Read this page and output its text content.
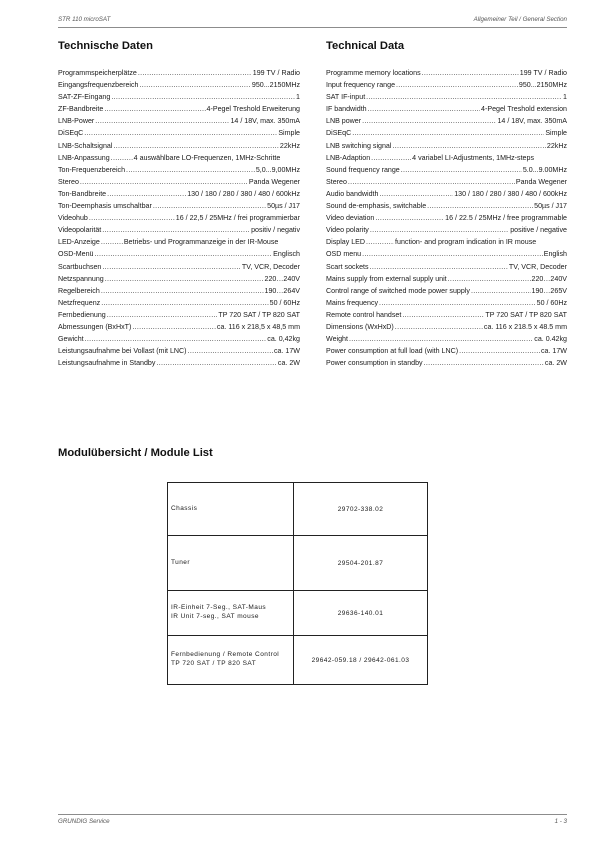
STR 110 microSAT	Allgemeiner Teil / General Section
Technische Daten	Technical Data
Programmspeicherplätze .....	199 TV / Radio
Eingangsfrequenzbereich .....	950...2150MHz
SAT-ZF-Eingang .....	1
ZF-Bandbreite .....	4-Pegel Treshold Erweiterung
LNB-Power .....	14 / 18V, max. 350mA
DiSEqC .....	Simple
LNB-Schaltsignal .....	22kHz
LNB-Anpassung .....	4 auswählbare LO-Frequenzen, 1MHz-Schritte
Ton-Frequenzbereich .....	5,0...9,00MHz
Stereo .....	Panda Wegener
Ton-Bandbreite .....	130 / 180 / 280 / 380 / 480 / 600kHz
Ton-Deemphasis umschaltbar .....	50µs / J17
Videohub .....	16 / 22,5 / 25MHz / frei programmierbar
Videopolarität .....	positiv / negativ
LED-Anzeige .....	Betriebs- und Programmanzeige in der IR-Mouse
OSD-Menü .....	Englisch
Scartbuchsen .....	TV, VCR, Decoder
Netzspannung .....	220…240V
Regelbereich .....	190…264V
Netzfrequenz .....	50 / 60Hz
Fernbedienung .....	TP 720 SAT / TP 820 SAT
Abmessungen (BxHxT) .....	ca. 116 x 218,5 x 48,5 mm
Gewicht .....	ca. 0,42kg
Leistungsaufnahme bei Vollast (mit LNC) .....	ca. 17W
Leistungsaufnahme in Standby .....	ca. 2W
Programme memory locations .....	199 TV / Radio
Input frequency range .....	950...2150MHz
SAT IF-input .....	1
IF bandwidth .....	4-Pegel Treshold extension
LNB power .....	14 / 18V, max. 350mA
DiSEqC .....	Simple
LNB switching signal .....	22kHz
LNB-Adaption .....	4 variabel LI-Adjustments, 1MHz-steps
Sound frequency range .....	5.0...9.00MHz
Stereo .....	Panda Wegener
Audio bandwidth .....	130 / 180 / 280 / 380 / 480 / 600kHz
Sound de-emphasis, switchable .....	50µs / J17
Video deviation .....	16 / 22.5 / 25MHz / free programmable
Video polarity .....	positive / negative
Display LED .....	function- and program indication in IR mouse
OSD menu .....	English
Scart sockets .....	TV, VCR, Decoder
Mains supply from external supply unit .....	220…240V
Control range of switched mode power supply .....	190…265V
Mains frequency .....	50 / 60Hz
Remote control handset .....	TP 720 SAT / TP 820 SAT
Dimensions (WxHxD) .....	ca. 116 x 218.5 x 48.5 mm
Weight .....	ca. 0.42kg
Power consumption at full load (with LNC) .....	ca. 17W
Power consumption in standby .....	ca. 2W
Modulübersicht / Module List
Chassis	29702-338.02

Tuner	29504-201.87

IR-Einheit 7-Seg., SAT-Maus
IR Unit 7-seg., SAT mouse	29636-140.01

Fernbedienung / Remote Control
TP 720 SAT / TP 820 SAT	29642-059.18 / 29642-061.03
GRUNDIG Service	1 - 3
